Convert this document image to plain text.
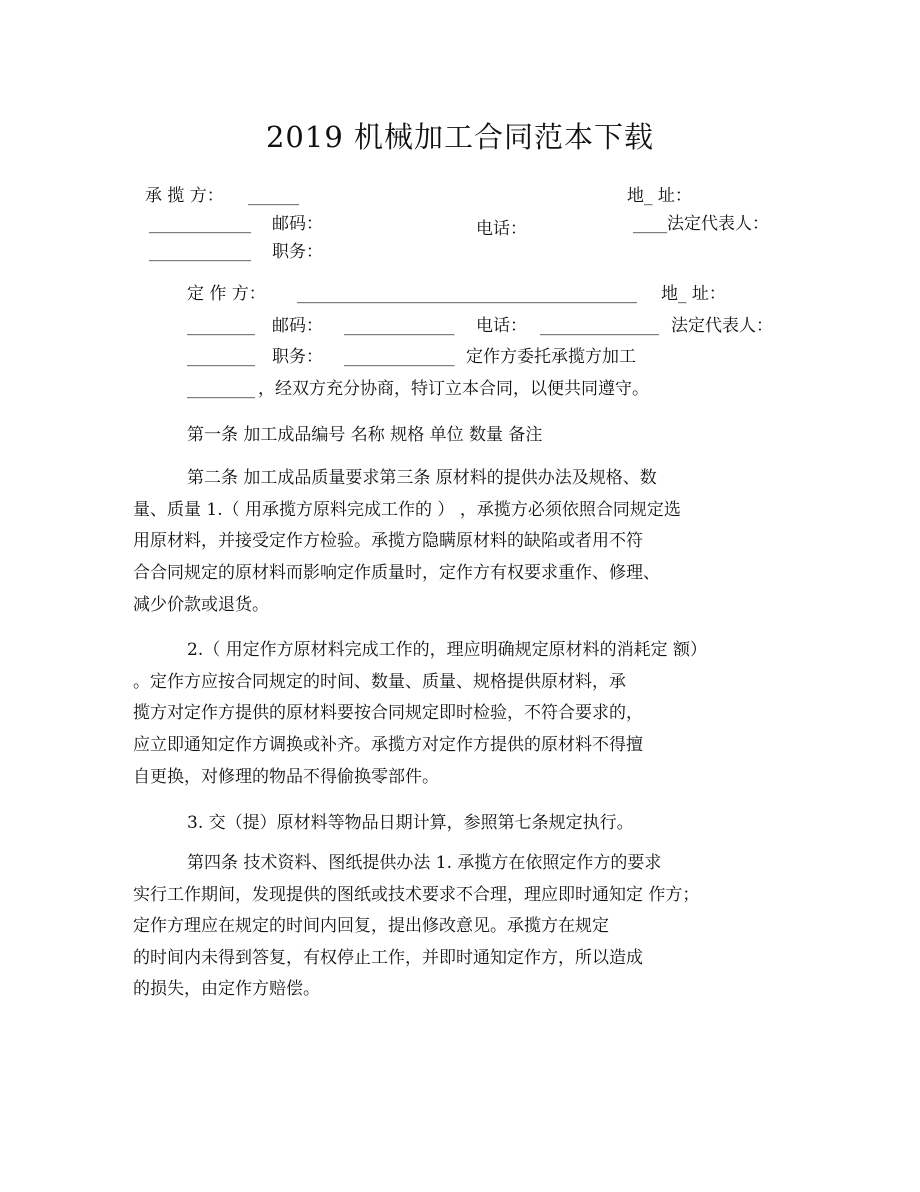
2019 机械加工合同范本下载
承 揽 方： ______	地_ 址：
____________ 邮码：	电话：	____法定代表人：
____________ 职务：
定 作 方： ________________________________________ 地_ 址：
________ 邮码： _____________ 电话： ______________ 法定代表人：
________ 职务： _____________ 定作方委托承揽方加工
________ ，经双方充分协商，特订立本合同，以便共同遵守。
第一条 加工成品编号 名称 规格 单位 数量 备注
第二条 加工成品质量要求第三条 原材料的提供办法及规格、数
量、质量 1.（ 用承揽方原料完成工作的 ） ，承揽方必须依照合同规定选
用原材料，并接受定作方检验。承揽方隐瞒原材料的缺陷或者用不符
合合同规定的原材料而影响定作质量时，定作方有权要求重作、修理、
减少价款或退货。
2.（ 用定作方原材料完成工作的，理应明确规定原材料的消耗定 额）
。定作方应按合同规定的时间、数量、质量、规格提供原材料，承
揽方对定作方提供的原材料要按合同规定即时检验，不符合要求的，
应立即通知定作方调换或补齐。承揽方对定作方提供的原材料不得擅
自更换，对修理的物品不得偷换零部件。
3. 交（提）原材料等物品日期计算，参照第七条规定执行。
第四条 技术资料、图纸提供办法 1. 承揽方在依照定作方的要求
实行工作期间，发现提供的图纸或技术要求不合理，理应即时通知定 作方；
定作方理应在规定的时间内回复，提出修改意见。承揽方在规定
的时间内未得到答复，有权停止工作，并即时通知定作方，所以造成
的损失，由定作方赔偿。
